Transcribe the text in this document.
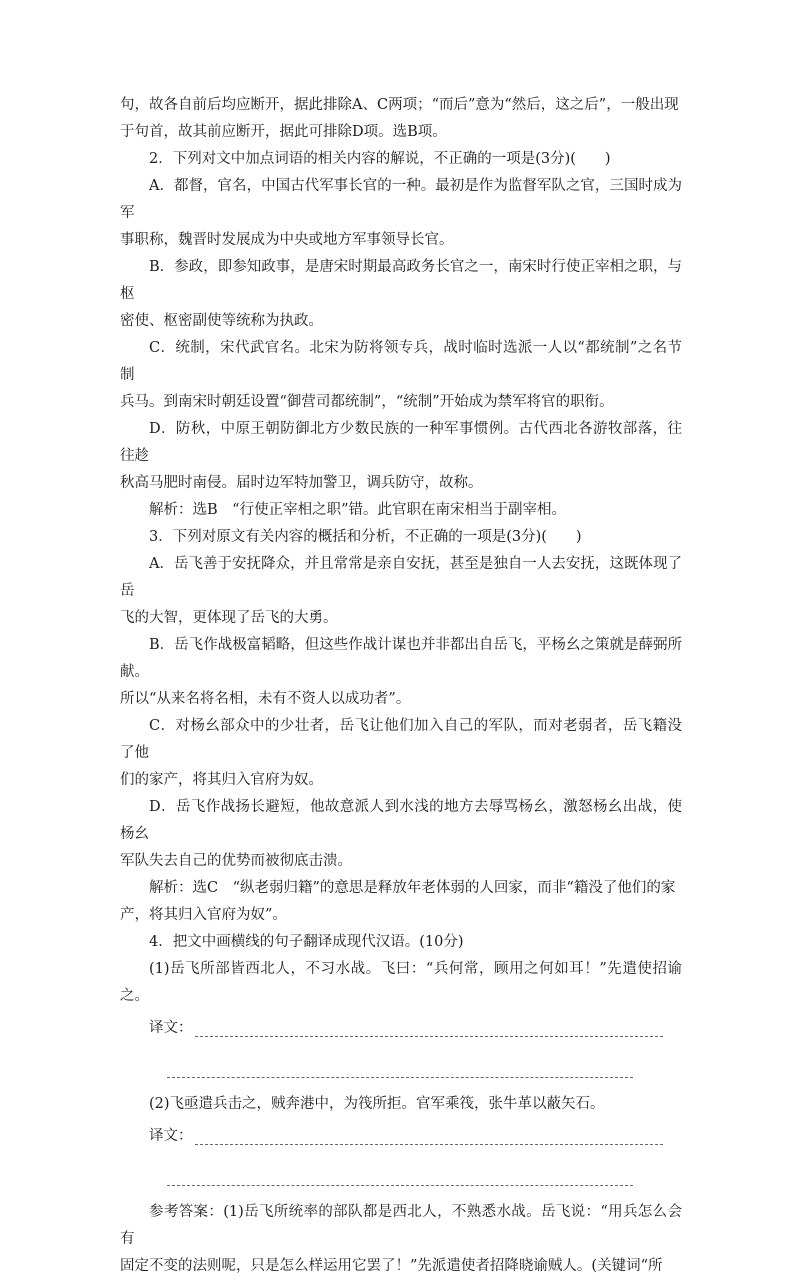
句，故各自前后均应断开，据此排除A、C两项；“而后”意为“然后，这之后”，一般出现

于句首，故其前应断开，据此可排除D项。选B项。

2．下列对文中加点词语的相关内容的解说，不正确的一项是(3分)(　　)

A．都督，官名，中国古代军事长官的一种。最初是作为监督军队之官，三国时成为军

事职称，魏晋时发展成为中央或地方军事领导长官。

B．参政，即参知政事，是唐宋时期最高政务长官之一，南宋时行使正宰相之职，与枢

密使、枢密副使等统称为执政。

C．统制，宋代武官名。北宋为防将领专兵，战时临时选派一人以“都统制”之名节制

兵马。到南宋时朝廷设置“御营司都统制”，“统制”开始成为禁军将官的职衔。

D．防秋，中原王朝防御北方少数民族的一种军事惯例。古代西北各游牧部落，往往趁

秋高马肥时南侵。届时边军特加警卫，调兵防守，故称。

解析：选B　“行使正宰相之职”错。此官职在南宋相当于副宰相。

3．下列对原文有关内容的概括和分析，不正确的一项是(3分)(　　)

A．岳飞善于安抚降众，并且常常是亲自安抚，甚至是独自一人去安抚，这既体现了岳

飞的大智，更体现了岳飞的大勇。

B．岳飞作战极富韬略，但这些作战计谋也并非都出自岳飞，平杨幺之策就是薛弼所献。

所以“从来名将名相，未有不资人以成功者”。

C．对杨幺部众中的少壮者，岳飞让他们加入自己的军队，而对老弱者，岳飞籍没了他

们的家产，将其归入官府为奴。

D．岳飞作战扬长避短，他故意派人到水浅的地方去辱骂杨幺，激怒杨幺出战，使杨幺

军队失去自己的优势而被彻底击溃。

解析：选C　“纵老弱归籍”的意思是释放年老体弱的人回家，而非“籍没了他们的家

产，将其归入官府为奴”。

4．把文中画横线的句子翻译成现代汉语。(10分)

(1)岳飞所部皆西北人，不习水战。飞曰：“兵何常，顾用之何如耳！”先遣使招谕之。

译文：

(2)飞亟遣兵击之，贼奔港中，为筏所拒。官军乘筏，张牛革以蔽矢石。

译文：

参考答案：(1)岳飞所统率的部队都是西北人，不熟悉水战。岳飞说：“用兵怎么会有

固定不变的法则呢，只是怎么样运用它罢了！”先派遣使者招降晓谕贼人。(关键词“所
